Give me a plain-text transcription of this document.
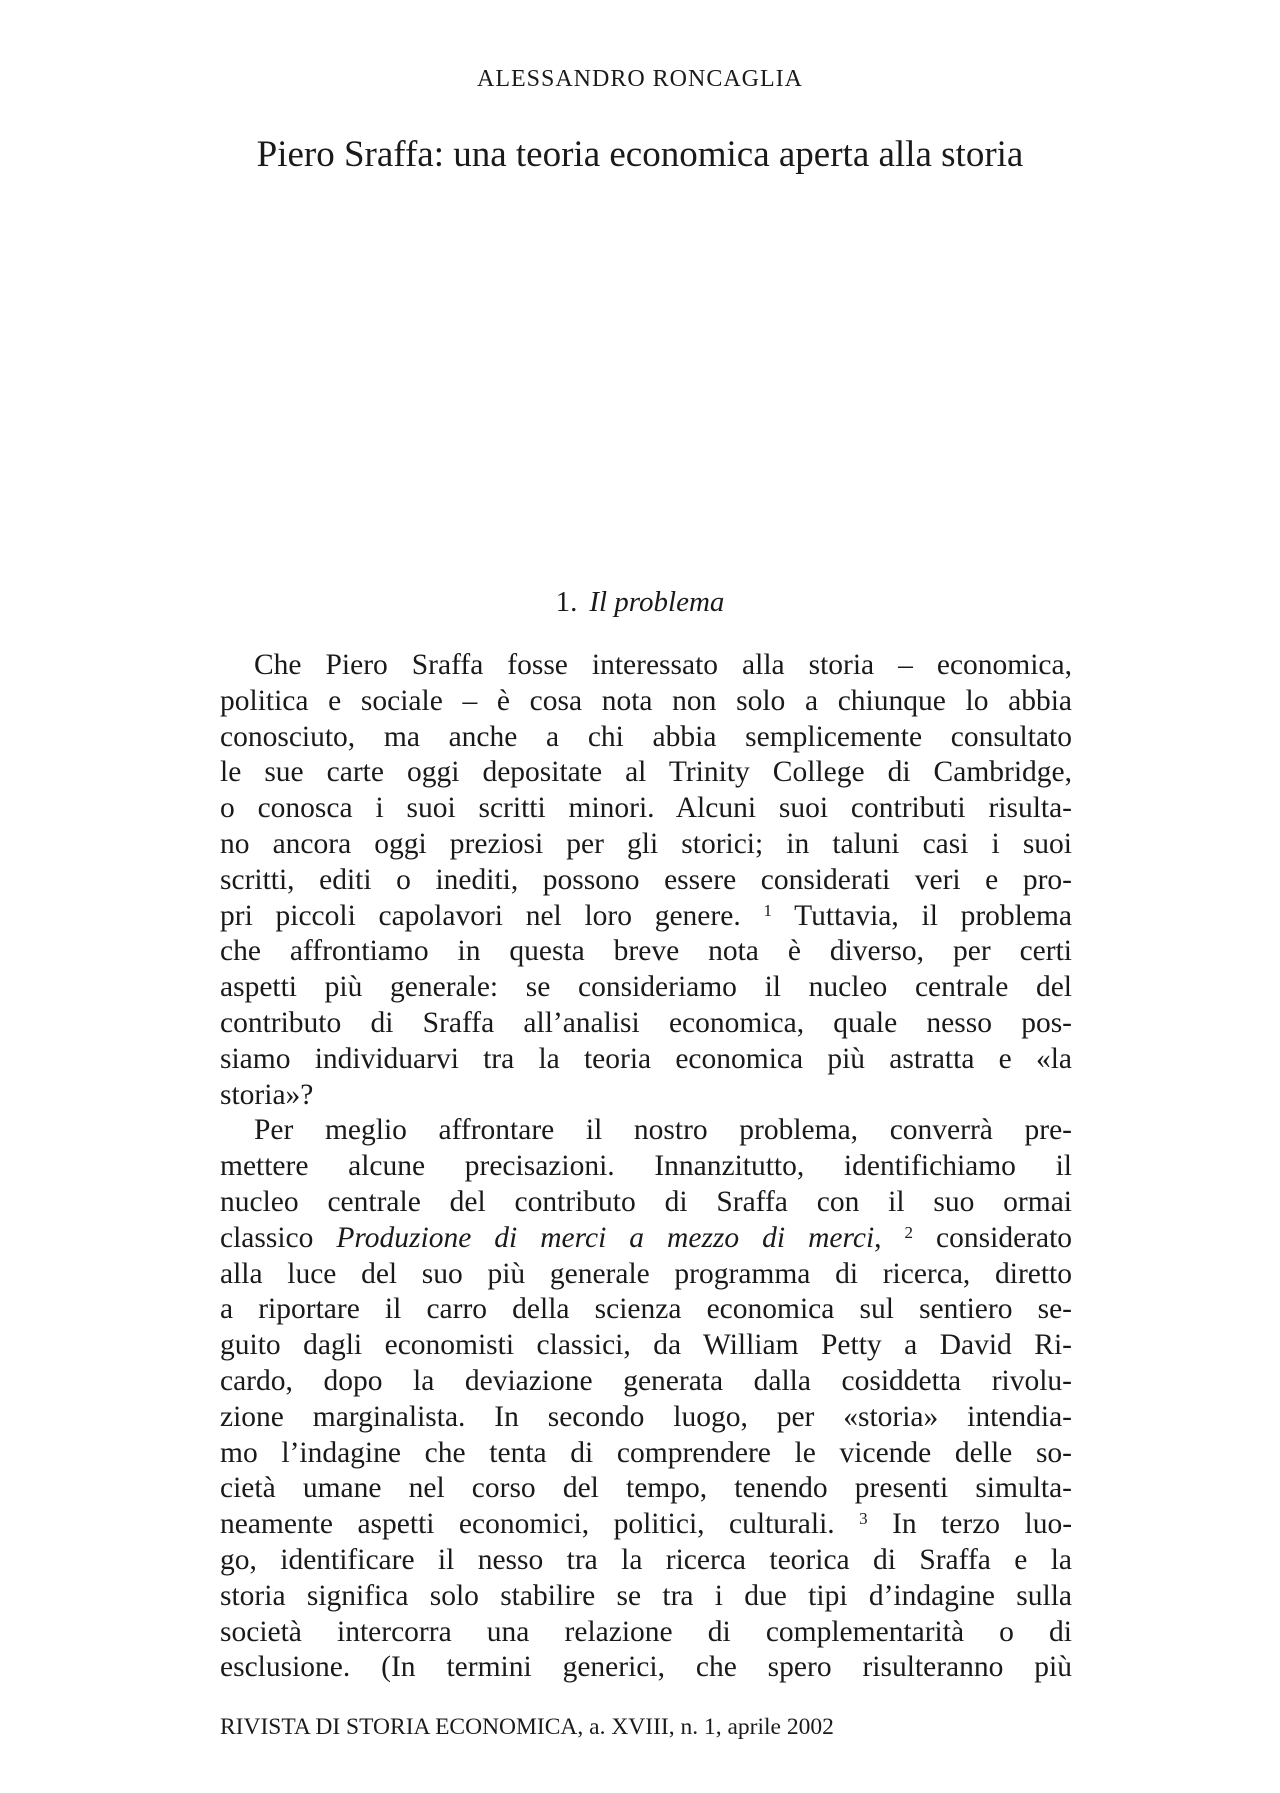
ALESSANDRO RONCAGLIA
Piero Sraffa: una teoria economica aperta alla storia
1. Il problema
Che Piero Sraffa fosse interessato alla storia – economica,
politica e sociale – è cosa nota non solo a chiunque lo abbia
conosciuto, ma anche a chi abbia semplicemente consultato
le sue carte oggi depositate al Trinity College di Cambridge,
o conosca i suoi scritti minori. Alcuni suoi contributi risulta-
no ancora oggi preziosi per gli storici; in taluni casi i suoi
scritti, editi o inediti, possono essere considerati veri e pro-
pri piccoli capolavori nel loro genere. $^1$ Tuttavia, il problema
che affrontiamo in questa breve nota è diverso, per certi
aspetti più generale: se consideriamo il nucleo centrale del
contributo di Sraffa all’analisi economica, quale nesso pos-
siamo individuarvi tra la teoria economica più astratta e «la
storia»?
Per meglio affrontare il nostro problema, converrà pre-
mettere alcune precisazioni. Innanzitutto, identifichiamo il
nucleo centrale del contributo di Sraffa con il suo ormai
classico Produzione di merci a mezzo di merci, $^2$ considerato
alla luce del suo più generale programma di ricerca, diretto
a riportare il carro della scienza economica sul sentiero se-
guito dagli economisti classici, da William Petty a David Ri-
cardo, dopo la deviazione generata dalla cosiddetta rivolu-
zione marginalista. In secondo luogo, per «storia» intendia-
mo l’indagine che tenta di comprendere le vicende delle so-
cietà umane nel corso del tempo, tenendo presenti simulta-
neamente aspetti economici, politici, culturali. $^3$ In terzo luo-
go, identificare il nesso tra la ricerca teorica di Sraffa e la
storia significa solo stabilire se tra i due tipi d’indagine sulla
società intercorra una relazione di complementarità o di
esclusione. (In termini generici, che spero risulteranno più
RIVISTA DI STORIA ECONOMICA, a. XVIII, n. 1, aprile 2002
